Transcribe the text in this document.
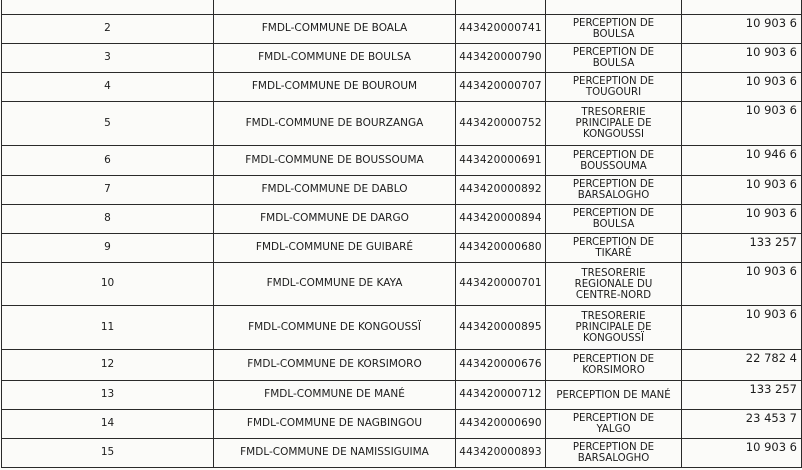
2	FMDL-COMMUNE DE BOALA	443420000741	PERCEPTION DE
BOULSA	10 903 6
3	FMDL-COMMUNE DE BOULSA	443420000790	PERCEPTION DE
BOULSA	10 903 6
4	FMDL-COMMUNE DE BOUROUM	443420000707	PERCEPTION DE
TOUGOURI	10 903 6
5	FMDL-COMMUNE DE BOURZANGA	443420000752	TRESORERIE
PRINCIPALE DE
KONGOUSSI	10 903 6
6	FMDL-COMMUNE DE BOUSSOUMA	443420000691	PERCEPTION DE
BOUSSOUMA	10 946 6
7	FMDL-COMMUNE DE DABLO	443420000892	PERCEPTION DE
BARSALOGHO	10 903 6
8	FMDL-COMMUNE DE DARGO	443420000894	PERCEPTION DE
BOULSA	10 903 6
9	FMDL-COMMUNE DE GUIBARÉ	443420000680	PERCEPTION DE
TIKARÉ	133 257
10	FMDL-COMMUNE DE KAYA	443420000701	TRESORERIE
REGIONALE DU
CENTRE-NORD	10 903 6
11	FMDL-COMMUNE DE KONGOUSSÏ	443420000895	TRESORERIE
PRINCIPALE DE
KONGOUSSÏ	10 903 6
12	FMDL-COMMUNE DE KORSIMORO	443420000676	PERCEPTION DE
KORSIMORO	22 782 4
13	FMDL-COMMUNE DE MANÉ	443420000712	PERCEPTION DE MANÉ	133 257
14	FMDL-COMMUNE DE NAGBINGOU	443420000690	PERCEPTION DE
YALGO	23 453 7
15	FMDL-COMMUNE DE NAMISSIGUIMA	443420000893	PERCEPTION DE
BARSALOGHO	10 903 6
